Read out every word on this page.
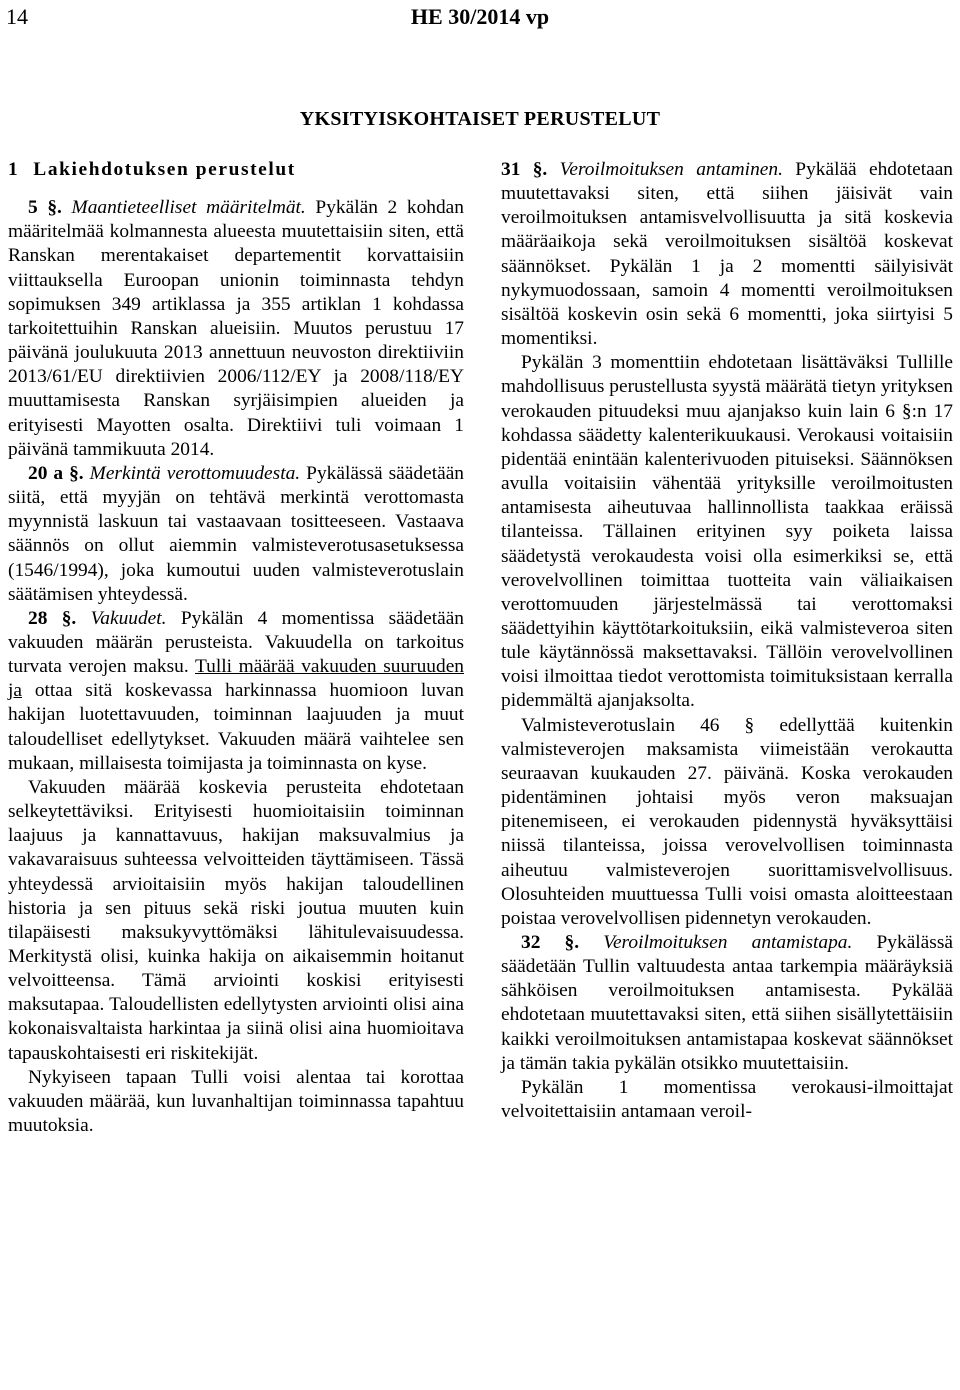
14	HE 30/2014 vp
YKSITYISKOHTAISET PERUSTELUT
1 Lakiehdotuksen perustelut

5 §. Maantieteelliset määritelmät. Pykälän 2 kohdan määritelmää kolmannesta alueesta muutettaisiin siten, että Ranskan merentakaiset departementit korvattaisiin viittauksella Euroopan unionin toiminnasta tehdyn sopimuksen 349 artiklassa ja 355 artiklan 1 kohdassa tarkoitettuihin Ranskan alueisiin. Muutos perustuu 17 päivänä joulukuuta 2013 annettuun neuvoston direktiiviin 2013/61/EU direktiivien 2006/112/EY ja 2008/118/EY muuttamisesta Ranskan syrjäisimpien alueiden ja erityisesti Mayotten osalta. Direktiivi tuli voimaan 1 päivänä tammikuuta 2014.

20 a §. Merkintä verottomuudesta. Pykälässä säädetään siitä, että myyjän on tehtävä merkintä verottomasta myynnistä laskuun tai vastaavaan tositteeseen. Vastaava säännös on ollut aiemmin valmisteverotusasetuksessa (1546/1994), joka kumoutui uuden valmisteverotuslain säätämisen yhteydessä.

28 §. Vakuudet. Pykälän 4 momentissa säädetään vakuuden määrän perusteista. Vakuudella on tarkoitus turvata verojen maksu. Tulli määrää vakuuden suuruuden ja ottaa sitä koskevassa harkinnassa huomioon luvan hakijan luotettavuuden, toiminnan laajuuden ja muut taloudelliset edellytykset. Vakuuden määrä vaihtelee sen mukaan, millaisesta toimijasta ja toiminnasta on kyse.

Vakuuden määrää koskevia perusteita ehdotetaan selkeytettäviksi. Erityisesti huomioitaisiin toiminnan laajuus ja kannattavuus, hakijan maksuvalmius ja vakavaraisuus suhteessa velvoitteiden täyttämiseen. Tässä yhteydessä arvioitaisiin myös hakijan taloudellinen historia ja sen pituus sekä riski joutua muuten kuin tilapäisesti maksukyvyttömäksi lähitulevaisuudessa. Merkitystä olisi, kuinka hakija on aikaisemmin hoitanut velvoitteensa. Tämä arviointi koskisi erityisesti maksutapaa. Taloudellisten edellytysten arviointi olisi aina kokonaisvaltaista harkintaa ja siinä olisi aina huomioitava tapauskohtaisesti eri riskitekijät.

Nykyiseen tapaan Tulli voisi alentaa tai korottaa vakuuden määrää, kun luvanhaltijan toiminnassa tapahtuu muutoksia.

31 §. Veroilmoituksen antaminen. Pykälää ehdotetaan muutettavaksi siten, että siihen jäisivät vain veroilmoituksen antamisvelvollisuutta ja sitä koskevia määräaikoja sekä veroilmoituksen sisältöä koskevat säännökset. Pykälän 1 ja 2 momentti säilyisivät nykymuodossaan, samoin 4 momentti veroilmoituksen sisältöä koskevin osin sekä 6 momentti, joka siirtyisi 5 momentiksi.

Pykälän 3 momenttiin ehdotetaan lisättäväksi Tullille mahdollisuus perustellusta syystä määrätä tietyn yrityksen verokauden pituudeksi muu ajanjakso kuin lain 6 §:n 17 kohdassa säädetty kalenterikuukausi. Verokausi voitaisiin pidentää enintään kalenterivuoden pituiseksi. Säännöksen avulla voitaisiin vähentää yrityksille veroilmoitusten antamisesta aiheutuvaa hallinnollista taakkaa eräissä tilanteissa. Tällainen erityinen syy poiketa laissa säädetystä verokaudesta voisi olla esimerkiksi se, että verovelvollinen toimittaa tuotteita vain väliaikaisen verottomuuden järjestelmässä tai verottomaksi säädettyihin käyttötarkoituksiin, eikä valmisteveroa siten tule käytännössä maksettavaksi. Tällöin verovelvollinen voisi ilmoittaa tiedot verottomista toimituksistaan kerralla pidemmältä ajanjaksolta.

Valmisteverotuslain 46 § edellyttää kuitenkin valmisteverojen maksamista viimeistään verokautta seuraavan kuukauden 27. päivänä. Koska verokauden pidentäminen johtaisi myös veron maksuajan pitenemiseen, ei verokauden pidennystä hyväksyttäisi niissä tilanteissa, joissa verovelvollisen toiminnasta aiheutuu valmisteverojen suorittamisvelvollisuus. Olosuhteiden muuttuessa Tulli voisi omasta aloitteestaan poistaa verovelvollisen pidennetyn verokauden.

32 §. Veroilmoituksen antamistapa. Pykälässä säädetään Tullin valtuudesta antaa tarkempia määräyksiä sähköisen veroilmoituksen antamisesta. Pykälää ehdotetaan muutettavaksi siten, että siihen sisällytettäisiin kaikki veroilmoituksen antamistapaa koskevat säännökset ja tämän takia pykälän otsikko muutettaisiin.

Pykälän 1 momentissa verokausi-ilmoittajat velvoitettaisiin antamaan veroil-
